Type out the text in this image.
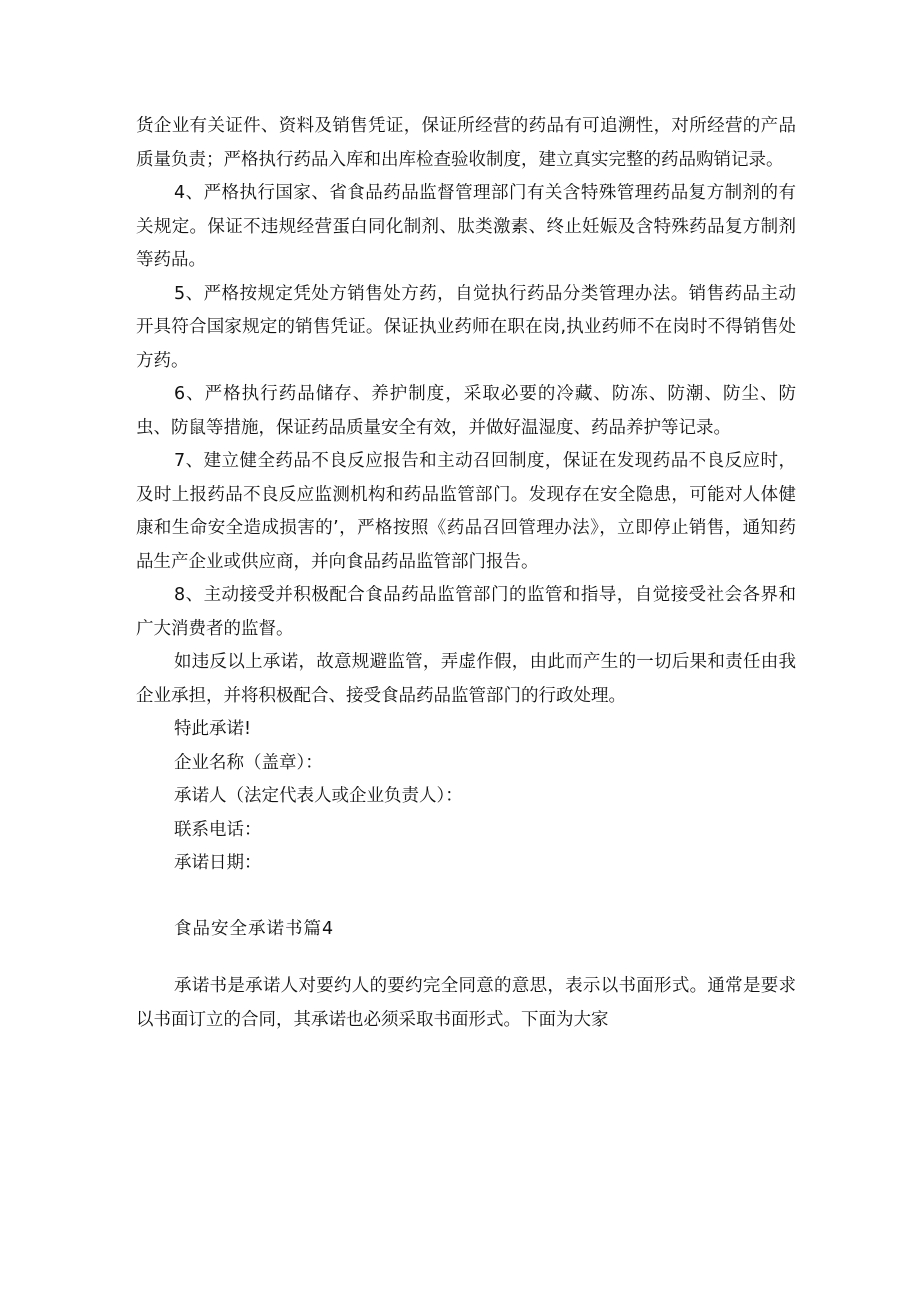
货企业有关证件、资料及销售凭证，保证所经营的药品有可追溯性，对所经营的产品质量负责；严格执行药品入库和出库检查验收制度，建立真实完整的药品购销记录。

4、严格执行国家、省食品药品监督管理部门有关含特殊管理药品复方制剂的有关规定。保证不违规经营蛋白同化制剂、肽类激素、终止妊娠及含特殊药品复方制剂等药品。

5、严格按规定凭处方销售处方药，自觉执行药品分类管理办法。销售药品主动开具符合国家规定的销售凭证。保证执业药师在职在岗,执业药师不在岗时不得销售处方药。

6、严格执行药品储存、养护制度，采取必要的冷藏、防冻、防潮、防尘、防虫、防鼠等措施，保证药品质量安全有效，并做好温湿度、药品养护等记录。

7、建立健全药品不良反应报告和主动召回制度，保证在发现药品不良反应时，及时上报药品不良反应监测机构和药品监管部门。发现存在安全隐患，可能对人体健康和生命安全造成损害的’，严格按照《药品召回管理办法》，立即停止销售，通知药品生产企业或供应商，并向食品药品监管部门报告。

8、主动接受并积极配合食品药品监管部门的监管和指导，自觉接受社会各界和广大消费者的监督。

如违反以上承诺，故意规避监管，弄虚作假，由此而产生的一切后果和责任由我企业承担，并将积极配合、接受食品药品监管部门的行政处理。

特此承诺!

企业名称（盖章）：

承诺人（法定代表人或企业负责人）：

联系电话：

承诺日期：

食品安全承诺书篇4

承诺书是承诺人对要约人的要约完全同意的意思，表示以书面形式。通常是要求以书面订立的合同，其承诺也必须采取书面形式。下面为大家
